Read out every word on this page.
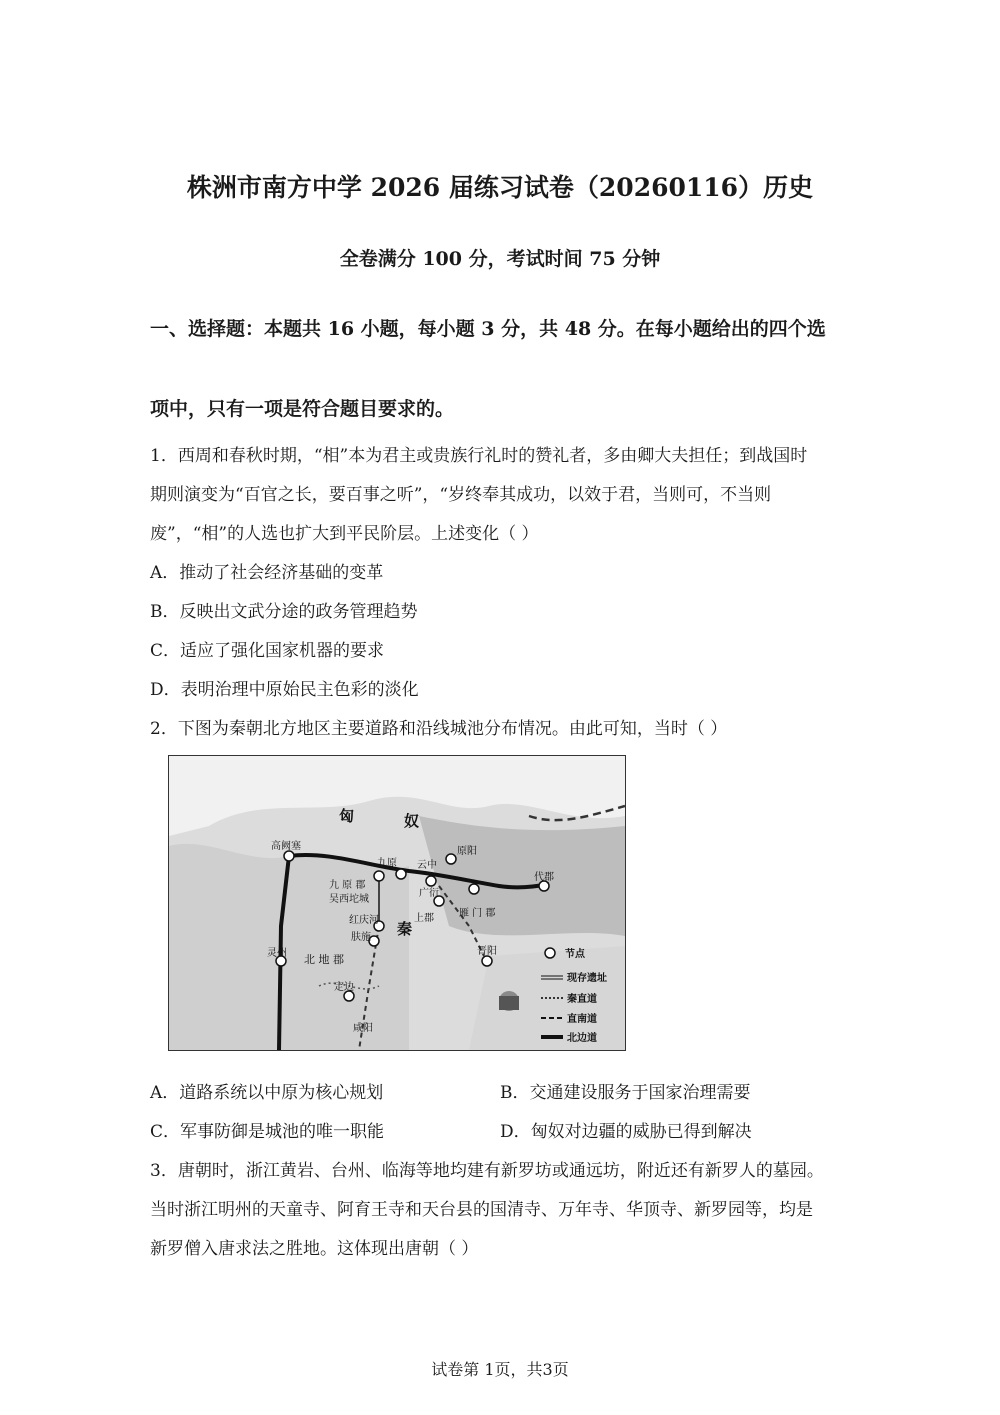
株洲市南方中学 2026 届练习试卷（20260116）历史
全卷满分 100 分，考试时间 75 分钟
一、选择题：本题共 16 小题，每小题 3 分，共 48 分。在每小题给出的四个选
项中，只有一项是符合题目要求的。
1．西周和春秋时期，“相”本为君主或贵族行礼时的赞礼者，多由卿大夫担任；到战国时
期则演变为“百官之长，要百事之听”，“岁终奉其成功，以效于君，当则可，不当则
废”，“相”的人选也扩大到平民阶层。上述变化（ ）
A．推动了社会经济基础的变革
B．反映出文武分途的政务管理趋势
C．适应了强化国家机器的要求
D．表明治理中原始民主色彩的淡化
2．下图为秦朝北方地区主要道路和沿线城池分布情况。由此可知，当时（ ）
匈	奴
秦
九 原 郡
北 地 郡
上郡	雁 门 郡
吴西坨城
高阙塞
九原
原阳
云中
代郡
红庆河
肤施
灵州
定边
晋阳
广衍
咸阳
节点
现存遗址
秦直道
直南道
北边道
A．道路系统以中原为核心规划	B．交通建设服务于国家治理需要
C．军事防御是城池的唯一职能	D．匈奴对边疆的威胁已得到解决
3．唐朝时，浙江黄岩、台州、临海等地均建有新罗坊或通远坊，附近还有新罗人的墓园。
当时浙江明州的天童寺、阿育王寺和天台县的国清寺、万年寺、华顶寺、新罗园等，均是
新罗僧入唐求法之胜地。这体现出唐朝（ ）
试卷第 1页，共3页
